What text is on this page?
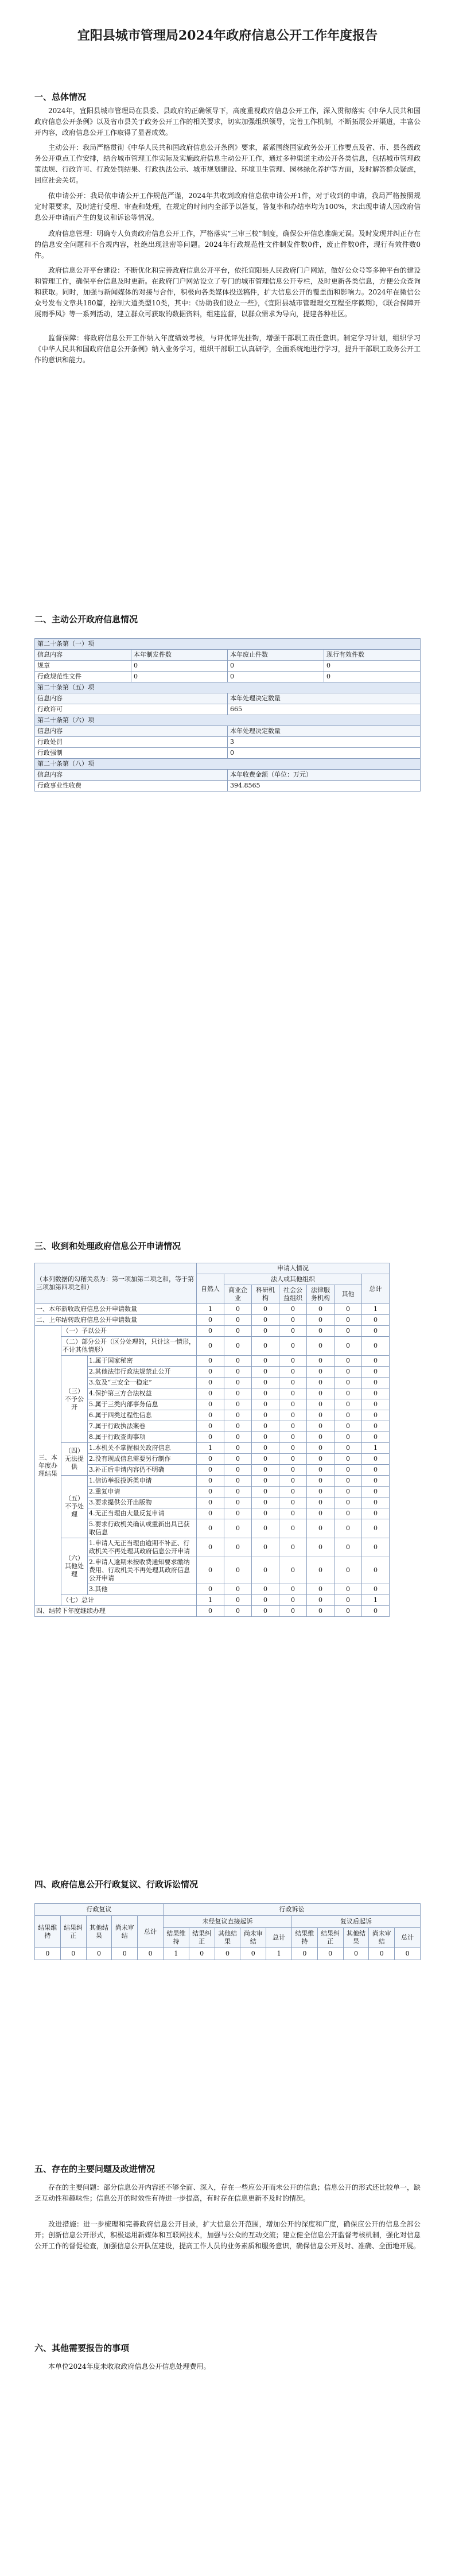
宜阳县城市管理局2024年政府信息公开工作年度报告
一、总体情况

2024年，宜阳县城市管理局在县委、县政府的正确领导下，高度重视政府信息公开工作，深入贯彻落实《中华人民共和国政府信息公开条例》以及省市县关于政务公开工作的相关要求，切实加强组织领导，完善工作机制，不断拓展公开渠道，丰富公开内容，政府信息公开工作取得了显著成效。

主动公开：我局严格贯彻《中华人民共和国政府信息公开条例》要求，紧紧围绕国家政务公开工作要点及省、市、县各级政务公开重点工作安排，结合城市管理工作实际及实施政府信息主动公开工作，通过多种渠道主动公开各类信息，包括城市管理政策法规、行政许可、行政处罚结果、行政执法公示、城市规划建设、环境卫生管理、园林绿化养护等方面，及时解答群众疑虑，回应社会关切。

依申请公开：我局依申请公开工作规范严谨，2024年共收到政府信息依申请公开1件，对于收到的申请，我局严格按照规定时限要求，及时进行受理、审查和处理，在规定的时间内全部予以答复，答复率和办结率均为100%，未出现申请人因政府信息公开申请而产生的复议和诉讼等情况。

政府信息管理：明确专人负责政府信息公开工作，严格落实“三审三校”制度，确保公开信息准确无误。及时发现并纠正存在的信息安全问题和不合规内容，杜绝出现泄密等问题。2024年行政规范性文件制发件数0件，废止件数0件，现行有效件数0件。

政府信息公开平台建设：不断优化和完善政府信息公开平台，依托宜阳县人民政府门户网站，做好公众号等多种平台的建设和管理工作，确保平台信息及时更新。在政府门户网站设立了专门的城市管理信息公开专栏，及时更新各类信息，方便公众查询和获取。同时，加强与新闻媒体的对接与合作，积极向各类媒体投送稿件，扩大信息公开的覆盖面和影响力。2024年在微信公众号发布文章共180篇，控制大道类型10类，其中：《协助我们设立一些》，《宜阳县城市管理理交互程至序微期》，《联合保障开展雨季风》等一系列活动，建立群众可获取的数据资料，组建监督，以群众需求为导向，提建各种社区。

监督保障：将政府信息公开工作纳入年度绩效考核，与评优评先挂钩，增强干部职工责任意识。制定学习计划，组织学习《中华人民共和国政府信息公开条例》纳入业务学习，组织干部职工认真研学，全面系统地进行学习，提升干部职工政务公开工作的意识和能力。

二、主动公开政府信息情况
第二十条第（一）项			
信息内容	本年制发件数	本年废止件数	现行有效件数
规章	0	0	0
行政规范性文件	0	0	0
第二十条第（五）项			
信息内容		本年处理决定数量	
行政许可		665	
第二十条第（六）项			
信息内容		本年处理决定数量	
行政处罚		3	
行政强制		0	
第二十条第（八）项			
信息内容		本年收费金额（单位：万元）	
行政事业性收费		394.8565	
三、收到和处理政府信息公开申请情况
（本列数据的勾稽关系为：第一项加第二项之和，等于第三项加第四项之和）			申请人情况						
			自然人	法人或其他组织					总计
				商业企业	科研机构	社会公益组织	法律服务机构	其他	
一、本年新收政府信息公开申请数量			1	0	0	0	0	0	1
二、上年结转政府信息公开申请数量			0	0	0	0	0	0	0
三、本年度办理结果	（一）予以公开		0	0	0	0	0	0	0
	（二）部分公开（区分处理的，只计这一情形，不计其他情形）		0	0	0	0	0	0	0
	（三）不予公开	1.属于国家秘密	0	0	0	0	0	0	0
		2.其他法律行政法规禁止公开	0	0	0	0	0	0	0
		3.危及“三安全一稳定”	0	0	0	0	0	0	0
		4.保护第三方合法权益	0	0	0	0	0	0	0
		5.属于三类内部事务信息	0	0	0	0	0	0	0
		6.属于四类过程性信息	0	0	0	0	0	0	0
		7.属于行政执法案卷	0	0	0	0	0	0	0
		8.属于行政查询事项	0	0	0	0	0	0	0
	（四）无法提供	1.本机关不掌握相关政府信息	1	0	0	0	0	0	1
		2.没有现成信息需要另行制作	0	0	0	0	0	0	0
		3.补正后申请内容仍不明确	0	0	0	0	0	0	0
	（五）不予处理	1.信访举报投诉类申请	0	0	0	0	0	0	0
		2.重复申请	0	0	0	0	0	0	0
		3.要求提供公开出版物	0	0	0	0	0	0	0
		4.无正当理由大量反复申请	0	0	0	0	0	0	0
		5.要求行政机关确认或重新出具已获取信息	0	0	0	0	0	0	0
	（六）其他处理	1.申请人无正当理由逾期不补正、行政机关不再处理其政府信息公开申请	0	0	0	0	0	0	0
		2.申请人逾期未按收费通知要求缴纳费用、行政机关不再处理其政府信息公开申请	0	0	0	0	0	0	0
		3.其他	0	0	0	0	0	0	0
	（七）总计		1	0	0	0	0	0	1
四、结转下年度继续办理			0	0	0	0	0	0	0
四、政府信息公开行政复议、行政诉讼情况
行政复议					行政诉讼									
结果维持	结果纠正	其他结果	尚未审结	总计	未经复议直接起诉					复议后起诉				
					结果维持	结果纠正	其他结果	尚未审结	总计	结果维持	结果纠正	其他结果	尚未审结	总计
0	0	0	0	0	1	0	0	0	1	0	0	0	0	0
五、存在的主要问题及改进情况

存在的主要问题：部分信息公开内容还不够全面、深入，存在一些应公开而未公开的信息；信息公开的形式还比较单一，缺乏互动性和趣味性；信息公开的时效性有待进一步提高，有时存在信息更新不及时的情况。

改进措施：进一步梳理和完善政府信息公开目录，扩大信息公开范围，增加公开的深度和广度，确保应公开的信息全部公开；创新信息公开形式，积极运用新媒体和互联网技术，加强与公众的互动交流；建立健全信息公开监督考核机制，强化对信息公开工作的督促检查，加强信息公开队伍建设，提高工作人员的业务素质和服务意识，确保信息公开及时、准确、全面地开展。

六、其他需要报告的事项

本单位2024年度未收取政府信息公开信息处理费用。
